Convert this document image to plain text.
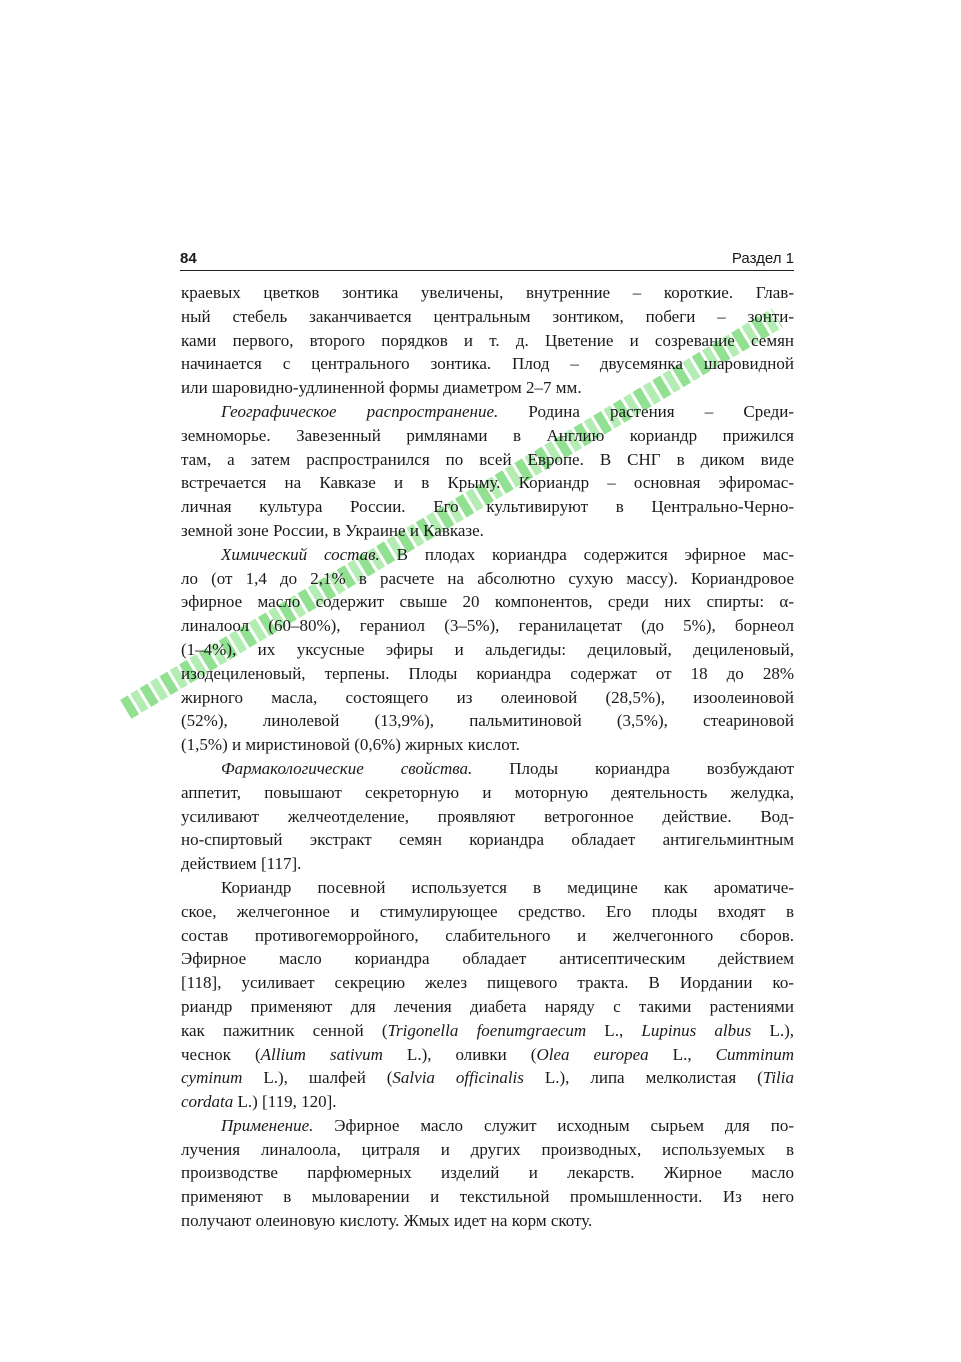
84	Раздел 1
краевых цветков зонтика увеличены, внутренние – короткие. Глав-
ный стебель заканчивается центральным зонтиком, побеги – зонти-
ками первого, второго порядков и т. д. Цветение и созревание семян
начинается с центрального зонтика. Плод – двусемянка шаровидной
или шаровидно-удлиненной формы диаметром 2–7 мм.
Географическое распространение. Родина растения – Среди-
земноморье. Завезенный римлянами в Англию кориандр прижился
там, а затем распространился по всей Европе. В СНГ в диком виде
встречается на Кавказе и в Крыму. Кориандр – основная эфиромас-
личная культура России. Его культивируют в Центрально-Черно-
земной зоне России, в Украине и Кавказе.
Химический состав. В плодах кориандра содержится эфирное мас-
ло (от 1,4 до 2,1% в расчете на абсолютно сухую массу). Кориандровое
эфирное масло содержит свыше 20 компонентов, среди них спирты: α-
линалоол (60–80%), гераниол (3–5%), геранилацетат (до 5%), борнеол
(1–4%), их уксусные эфиры и альдегиды: дециловый, дециленовый,
изодециленовый, терпены. Плоды кориандра содержат от 18 до 28%
жирного масла, состоящего из олеиновой (28,5%), изоолеиновой
(52%), линолевой (13,9%), пальмитиновой (3,5%), стеариновой
(1,5%) и миристиновой (0,6%) жирных кислот.
Фармакологические свойства. Плоды кориандра возбуждают
аппетит, повышают секреторную и моторную деятельность желудка,
усиливают желчеотделение, проявляют ветрогонное действие. Вод-
но-спиртовый экстракт семян кориандра обладает антигельминтным
действием [117].
Кориандр посевной используется в медицине как ароматиче-
ское, желчегонное и стимулирующее средство. Его плоды входят в
состав противогеморройного, слабительного и желчегонного сборов.
Эфирное масло кориандра обладает антисептическим действием
[118], усиливает секрецию желез пищевого тракта. В Иордании ко-
риандр применяют для лечения диабета наряду с такими растениями
как пажитник сенной (Trigonella foenumgraecum L., Lupinus albus L.),
чеснок (Allium sativum L.), оливки (Olea europea L., Cumminum
cyminum L.), шалфей (Salvia officinalis L.), липа мелколистая (Tilia
cordata L.) [119, 120].
Применение. Эфирное масло служит исходным сырьем для по-
лучения линалоола, цитраля и других производных, используемых в
производстве парфюмерных изделий и лекарств. Жирное масло
применяют в мыловарении и текстильной промышленности. Из него
получают олеиновую кислоту. Жмых идет на корм скоту.
